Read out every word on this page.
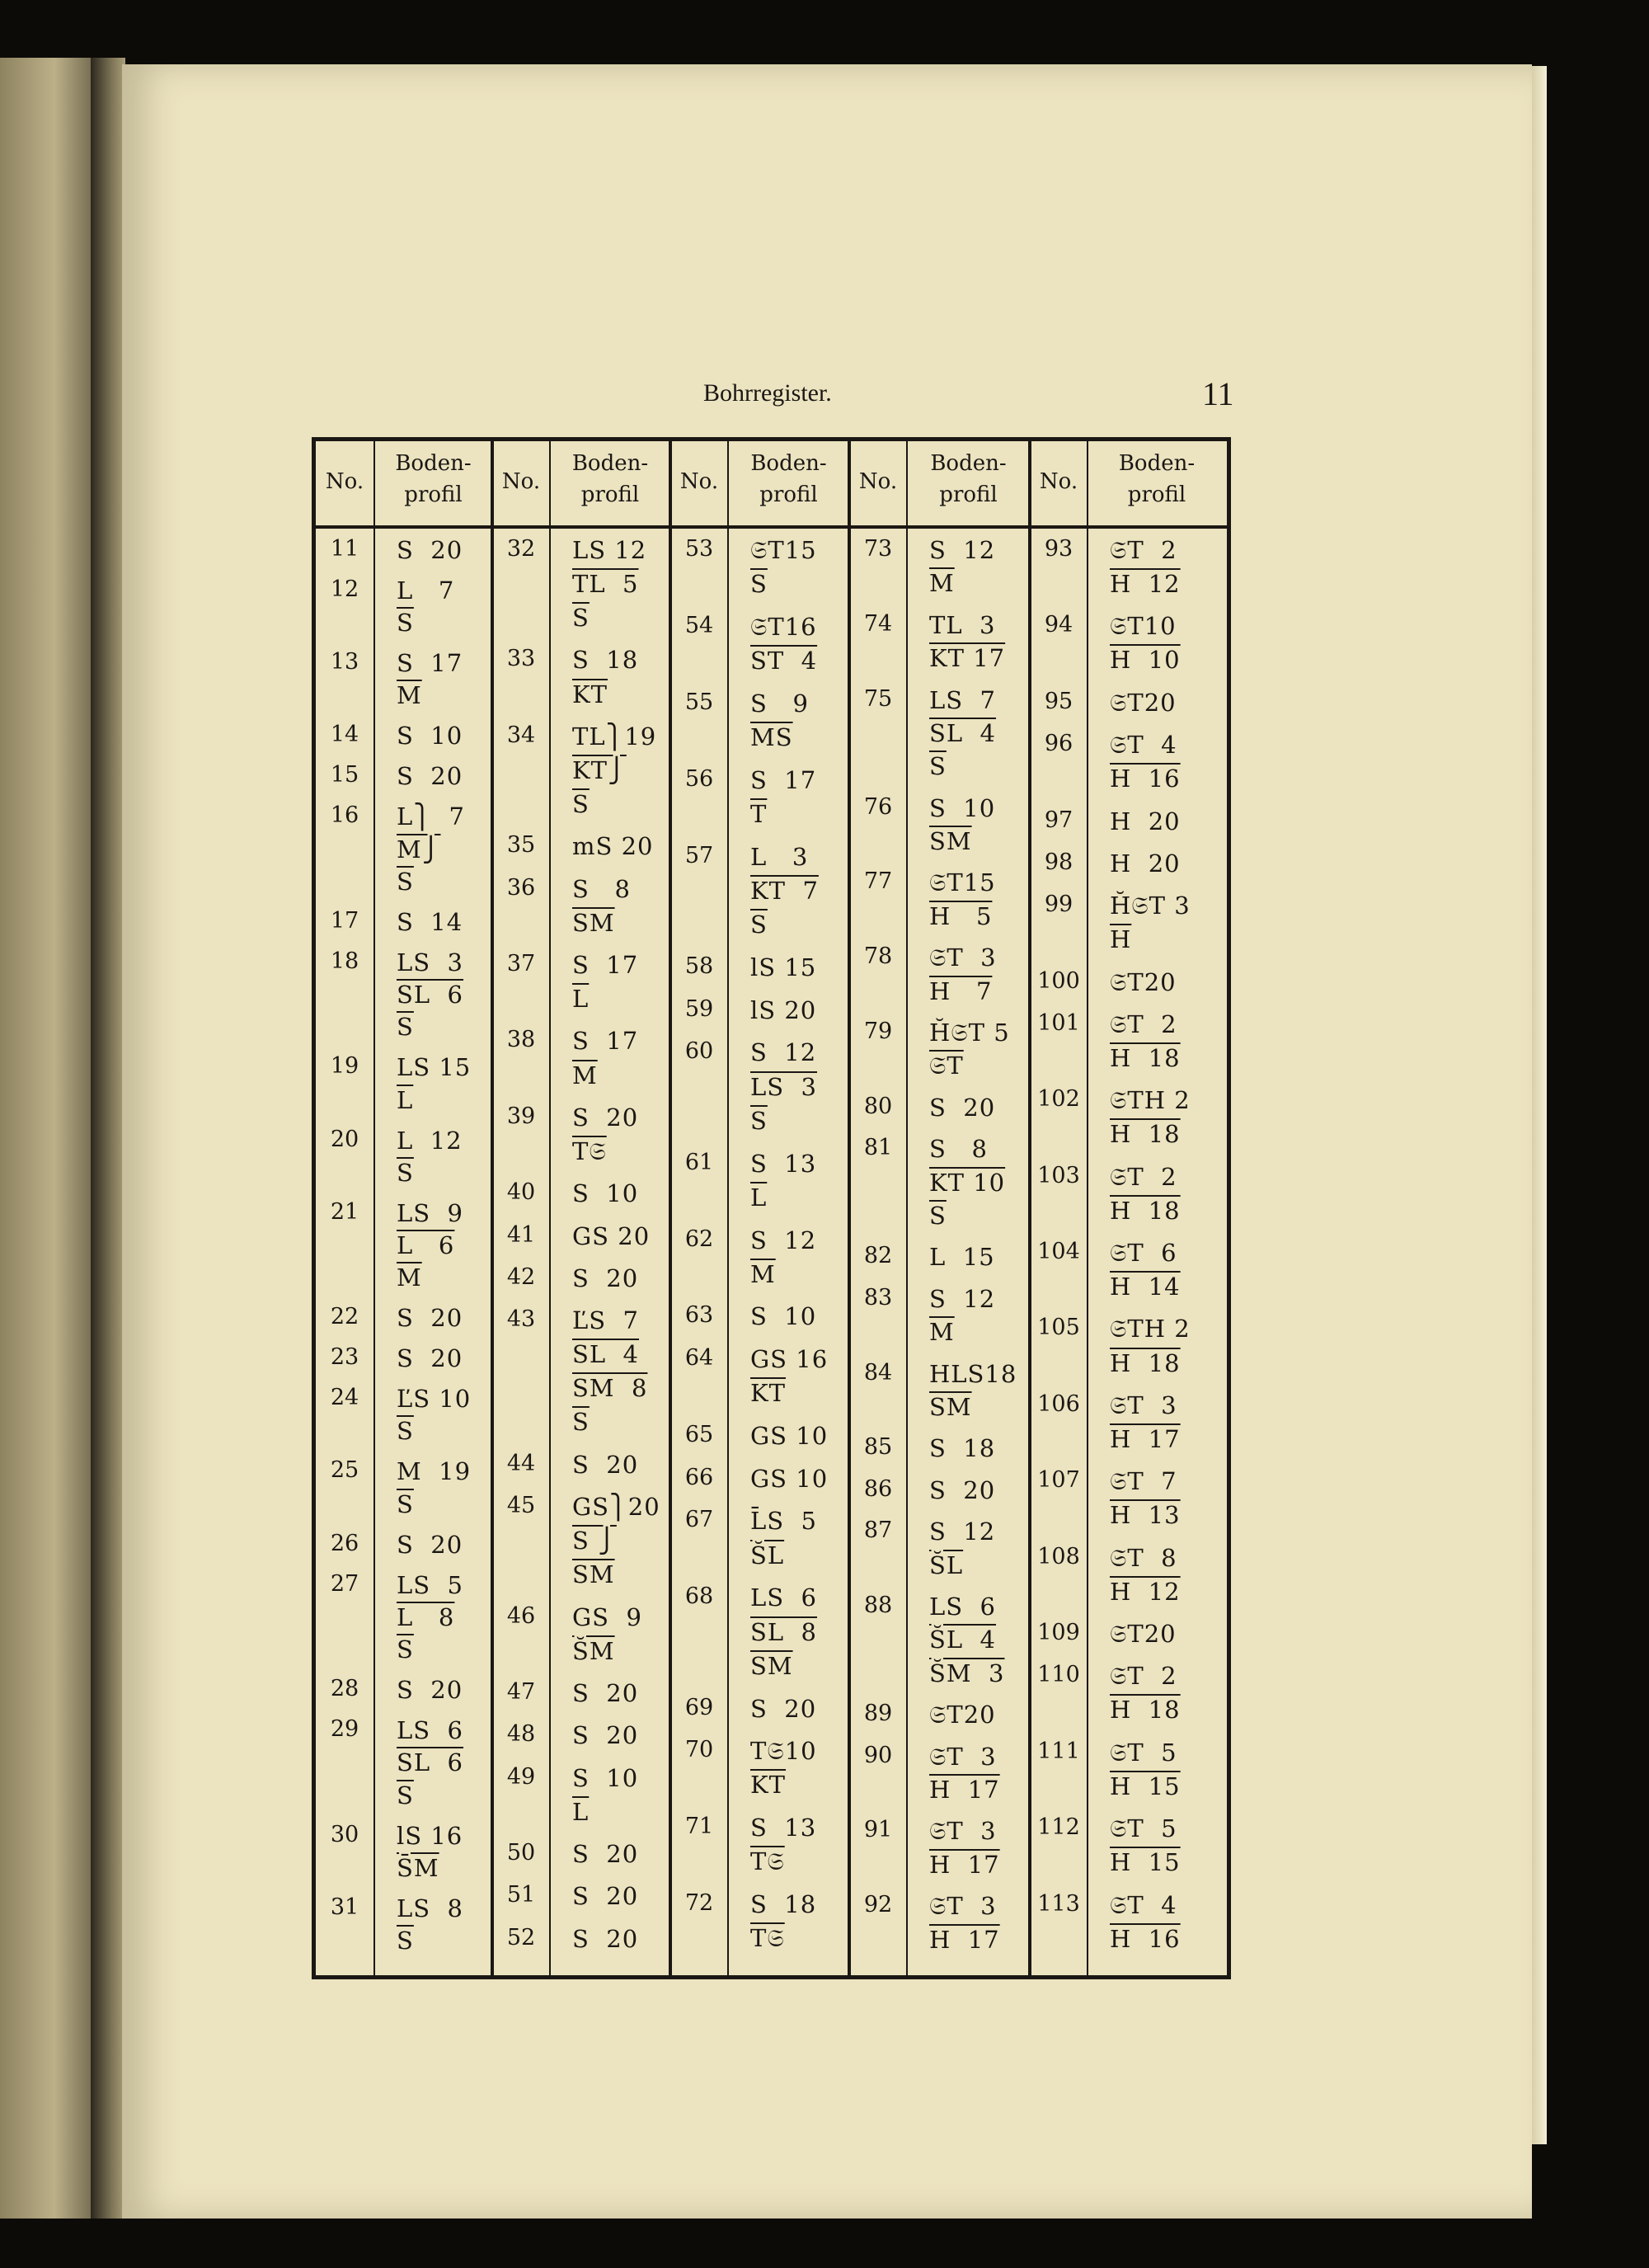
Bohrregister.	11
No.
Boden-
profil
11	S  20
12	L   7
$\overline{S}$
13	S  17
$\overline{M}$
14	S  10
15	S  20
16	L⎫  7
M⎭
$\overline{S}$
17	S  14
18	LS  3
SL  6
$\overline{S}$
19	LS 15
$\overline{L}$
20	L  12
$\overline{S}$
21	LS  9
L   6
$\overline{M}$
22	S  20
23	S  20
24	ĽS 10
$\overline{S}$
25	M  19
$\overline{S}$
26	S  20
27	LS  5
L   8
$\overline{S}$
28	S  20
29	LS  6
SL  6
$\overline{S}$
30	lS 16
S̄M
31	LS  8
$\overline{S}$
No.
Boden-
profil
32	LS 12
TL  5
$\overline{S}$
33	S  18
$\overline{KT}$
34	TL⎫19
KT⎭
$\overline{S}$
35	mS 20
36	S   8
$\overline{SM}$
37	S  17
$\overline{L}$
38	S  17
$\overline{M}$
39	S  20
T𝔖
40	S  10
41	GS 20
42	S  20
43	ĽS  7
SL  4
SM  8
$\overline{S}$
44	S  20
45	GS⎫20
S ⎭
$\overline{SM}$
46	GS  9
S̆M
47	S  20
48	S  20
49	S  10
$\overline{L}$
50	S  20
51	S  20
52	S  20
No.
Boden-
profil
53	𝔖T15
$\overline{S}$
54	𝔖T16
ST  4
55	S   9
$\overline{MS}$
56	S  17
$\overline{T}$
57	L   3
KT  7
$\overline{S}$
58	lS 15
59	lS 20
60	S  12
LS  3
$\overline{S}$
61	S  13
$\overline{L}$
62	S  12
$\overline{M}$
63	S  10
64	GS 16
$\overline{KT}$
65	GS 10
66	GS 10
67	L̄S  5
S̆L
68	LS  6
SL  8
$\overline{SM}$
69	S  20
70	T𝔖10
$\overline{KT}$
71	S  13
T𝔖
72	S  18
T𝔖
No.
Boden-
profil
73	S  12
$\overline{M}$
74	TL  3
KT 17
75	LS  7
SL  4
$\overline{S}$
76	S  10
$\overline{SM}$
77	𝔖T15
H   5
78	𝔖T  3
H   7
79	H̆𝔖T 5
𝔖T
80	S  20
81	S   8
KT 10
$\overline{S}$
82	L  15
83	S  12
$\overline{M}$
84	HLS18
$\overline{SM}$
85	S  18
86	S  20
87	S  12
S̆L
88	LS  6
S̆L  4
S̆M  3
89	𝔖T20
90	𝔖T  3
H  17
91	𝔖T  3
H  17
92	𝔖T  3
H  17
No.
Boden-
profil
93	𝔖T  2
H  12
94	𝔖T10
H  10
95	𝔖T20
96	𝔖T  4
H  16
97	H  20
98	H  20
99	H̆𝔖T 3
$\overline{H}$
100 𝔖T20
101 𝔖T  2
H  18
102 𝔖TH 2
H  18
103 𝔖T  2
H  18
104 𝔖T  6
H  14
105 𝔖TH 2
H  18
106 𝔖T  3
H  17
107 𝔖T  7
H  13
108 𝔖T  8
H  12
109 𝔖T20
110 𝔖T  2
H  18
111 𝔖T  5
H  15
112 𝔖T  5
H  15
113 𝔖T  4
H  16
